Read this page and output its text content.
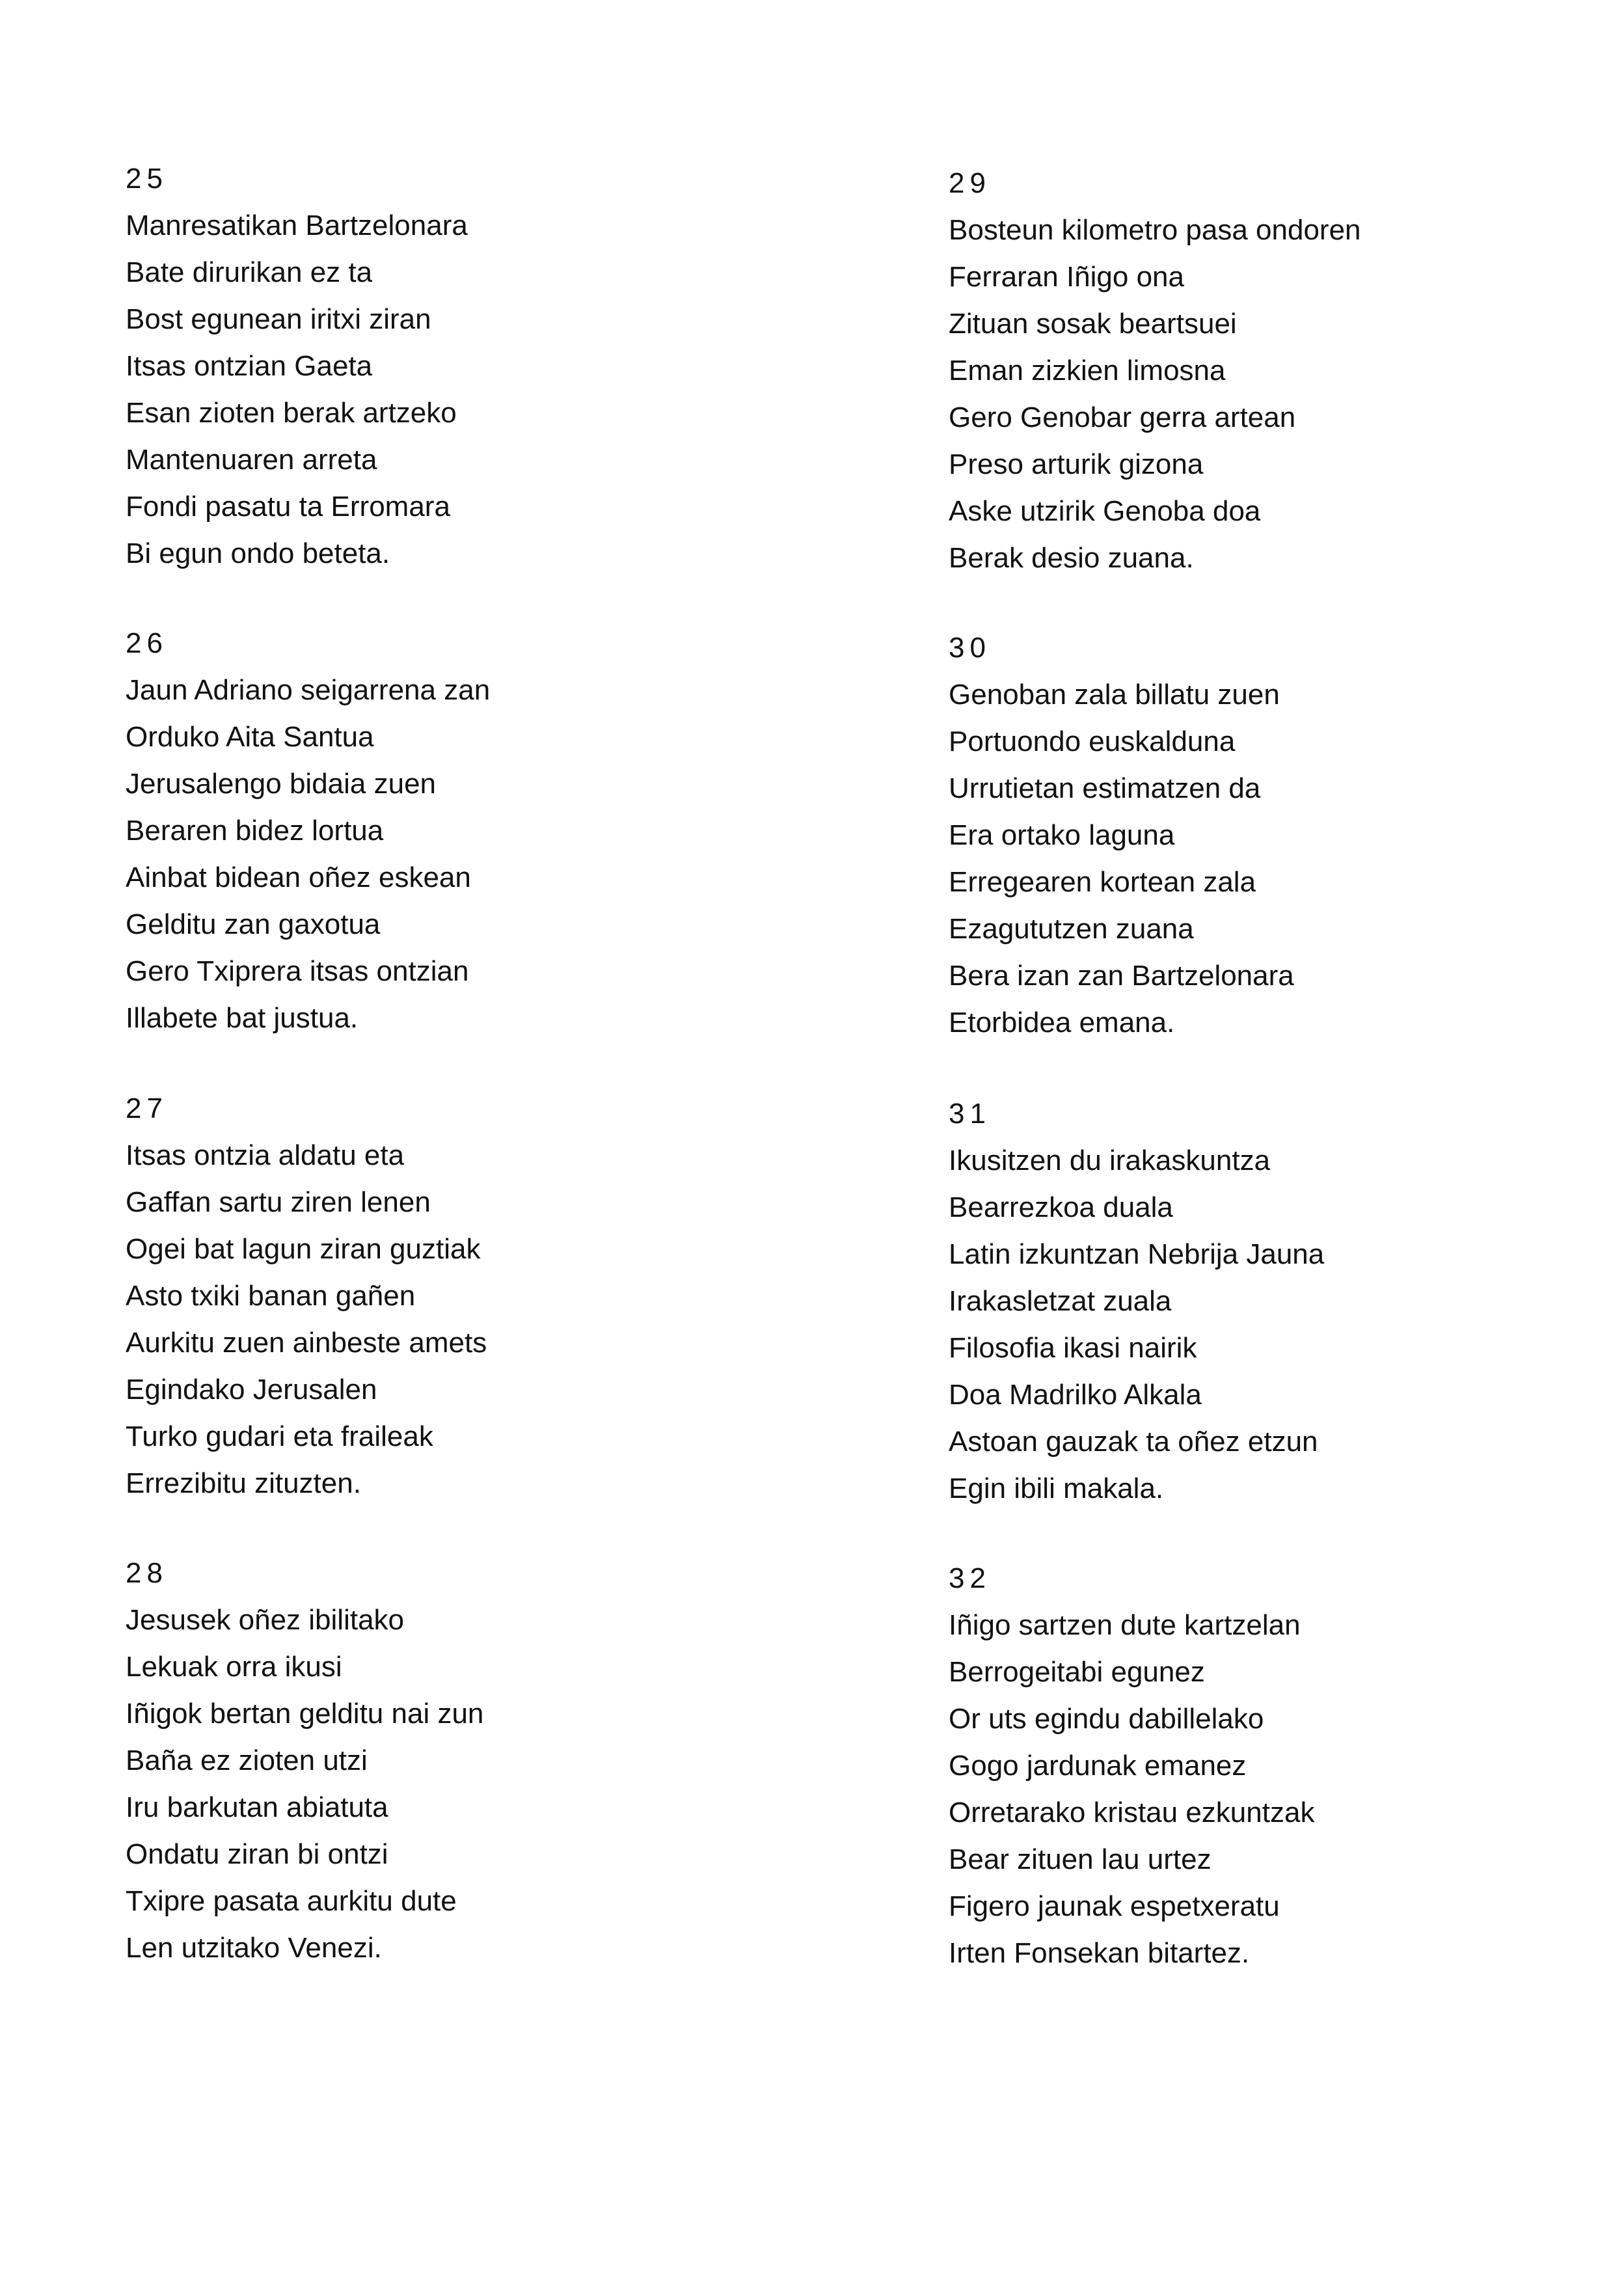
25
Manresatikan Bartzelonara
Bate dirurikan ez ta
Bost egunean iritxi ziran
Itsas ontzian Gaeta
Esan zioten berak artzeko
Mantenuaren arreta
Fondi pasatu ta Erromara
Bi egun ondo beteta.
26
Jaun Adriano seigarrena zan
Orduko Aita Santua
Jerusalengo bidaia zuen
Beraren bidez lortua
Ainbat bidean oñez eskean
Gelditu zan gaxotua
Gero Txiprera itsas ontzian
Illabete bat justua.
27
Itsas ontzia aldatu eta
Gaffan sartu ziren lenen
Ogei bat lagun ziran guztiak
Asto txiki banan gañen
Aurkitu zuen ainbeste amets
Egindako Jerusalen
Turko gudari eta fraileak
Errezibitu zituzten.
28
Jesusek oñez ibilitako
Lekuak orra ikusi
Iñigok bertan gelditu nai zun
Baña ez zioten utzi
Iru barkutan abiatuta
Ondatu ziran bi ontzi
Txipre pasata aurkitu dute
Len utzitako Venezi.
29
Bosteun kilometro pasa ondoren
Ferraran Iñigo ona
Zituan sosak beartsuei
Eman zizkien limosna
Gero Genobar gerra artean
Preso arturik gizona
Aske utzirik Genoba doa
Berak desio zuana.
30
Genoban zala billatu zuen
Portuondo euskalduna
Urrutietan estimatzen da
Era ortako laguna
Erregearen kortean zala
Ezagututzen zuana
Bera izan zan Bartzelonara
Etorbidea emana.
31
Ikusitzen du irakaskuntza
Bearrezkoa duala
Latin izkuntzan Nebrija Jauna
Irakasletzat zuala
Filosofia ikasi nairik
Doa Madrilko Alkala
Astoan gauzak ta oñez etzun
Egin ibili makala.
32
Iñigo sartzen dute kartzelan
Berrogeitabi egunez
Or uts egindu dabillelako
Gogo jardunak emanez
Orretarako kristau ezkuntzak
Bear zituen lau urtez
Figero jaunak espetxeratu
Irten Fonsekan bitartez.
